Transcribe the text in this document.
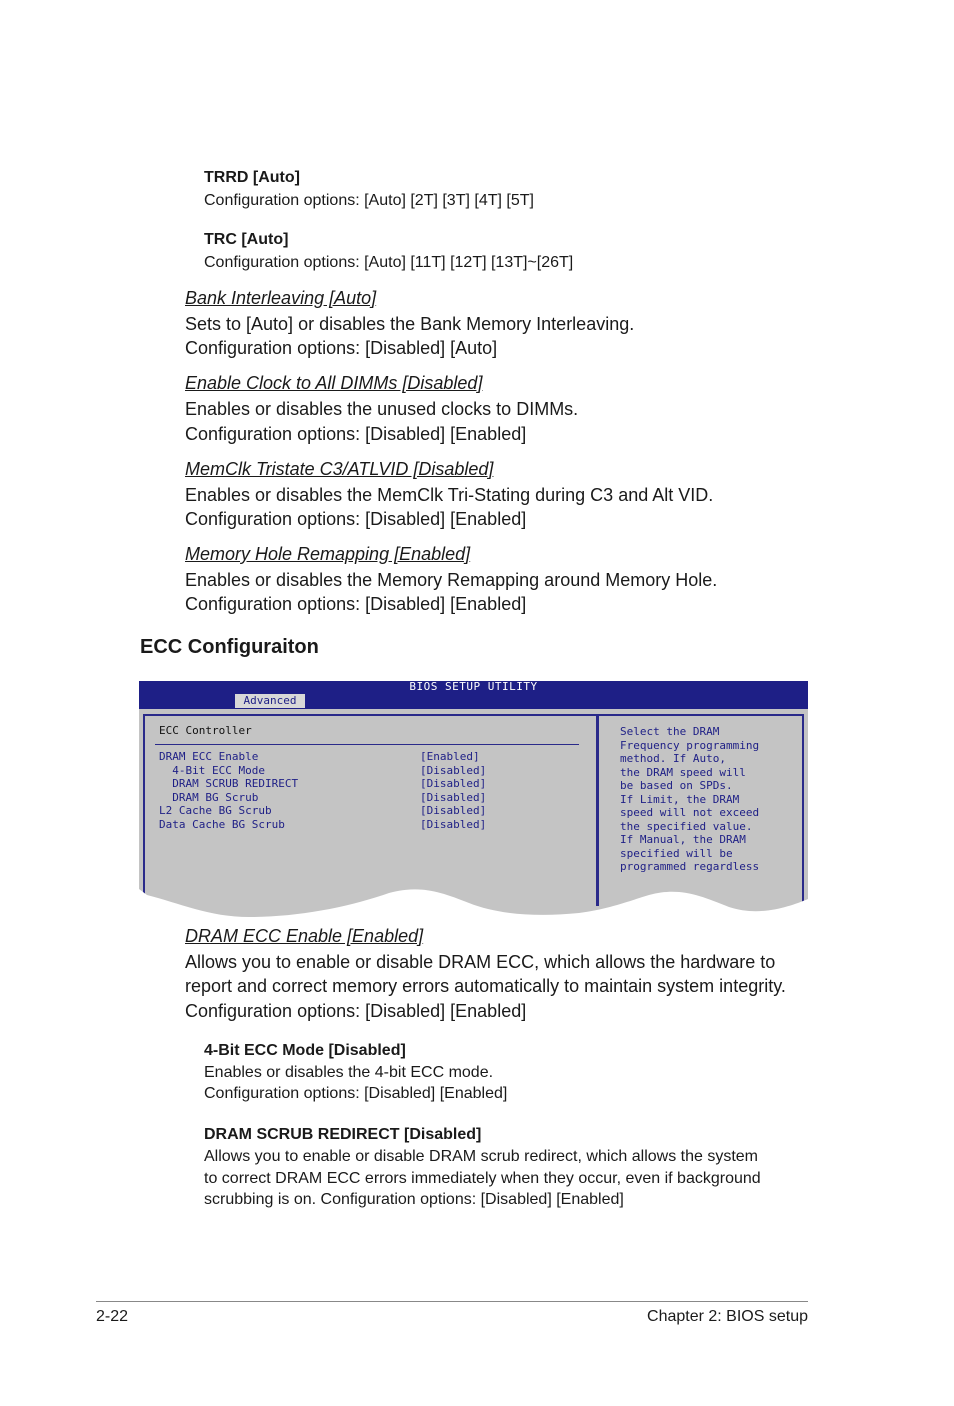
TRRD [Auto]
Configuration options: [Auto] [2T] [3T] [4T] [5T]
TRC [Auto]
Configuration options: [Auto] [11T] [12T] [13T]~[26T]
Bank Interleaving [Auto]
Sets to [Auto] or disables the Bank Memory Interleaving.
Configuration options: [Disabled] [Auto]
Enable Clock to All DIMMs [Disabled]
Enables or disables the unused clocks to DIMMs.
Configuration options: [Disabled] [Enabled]
MemClk Tristate C3/ATLVID [Disabled]
Enables or disables the MemClk Tri-Stating during C3 and Alt VID.
Configuration options: [Disabled] [Enabled]
Memory Hole Remapping [Enabled]
Enables or disables the Memory Remapping around Memory Hole.
Configuration options: [Disabled] [Enabled]
ECC Configuraiton
BIOS SETUP UTILITY
Advanced
ECC Controller
DRAM ECC Enable	[Enabled]
4-Bit ECC Mode	[Disabled]
DRAM SCRUB REDIRECT	[Disabled]
DRAM BG Scrub	[Disabled]
L2 Cache BG Scrub	[Disabled]
Data Cache BG Scrub	[Disabled]
Select the DRAM
Frequency programming
method. If Auto,
the DRAM speed will
be based on SPDs.
If Limit, the DRAM
speed will not exceed
the specified value.
If Manual, the DRAM
specified will be
programmed regardless
DRAM ECC Enable [Enabled]
Allows you to enable or disable DRAM ECC, which allows the hardware to
report and correct memory errors automatically to maintain system integrity.
Configuration options: [Disabled] [Enabled]
4-Bit ECC Mode [Disabled]
Enables or disables the 4-bit ECC mode.
Configuration options: [Disabled] [Enabled]
DRAM SCRUB REDIRECT [Disabled]
Allows you to enable or disable DRAM scrub redirect, which allows the system
to correct DRAM ECC errors immediately when they occur, even if background
scrubbing is on. Configuration options: [Disabled] [Enabled]
2-22	Chapter 2: BIOS setup
